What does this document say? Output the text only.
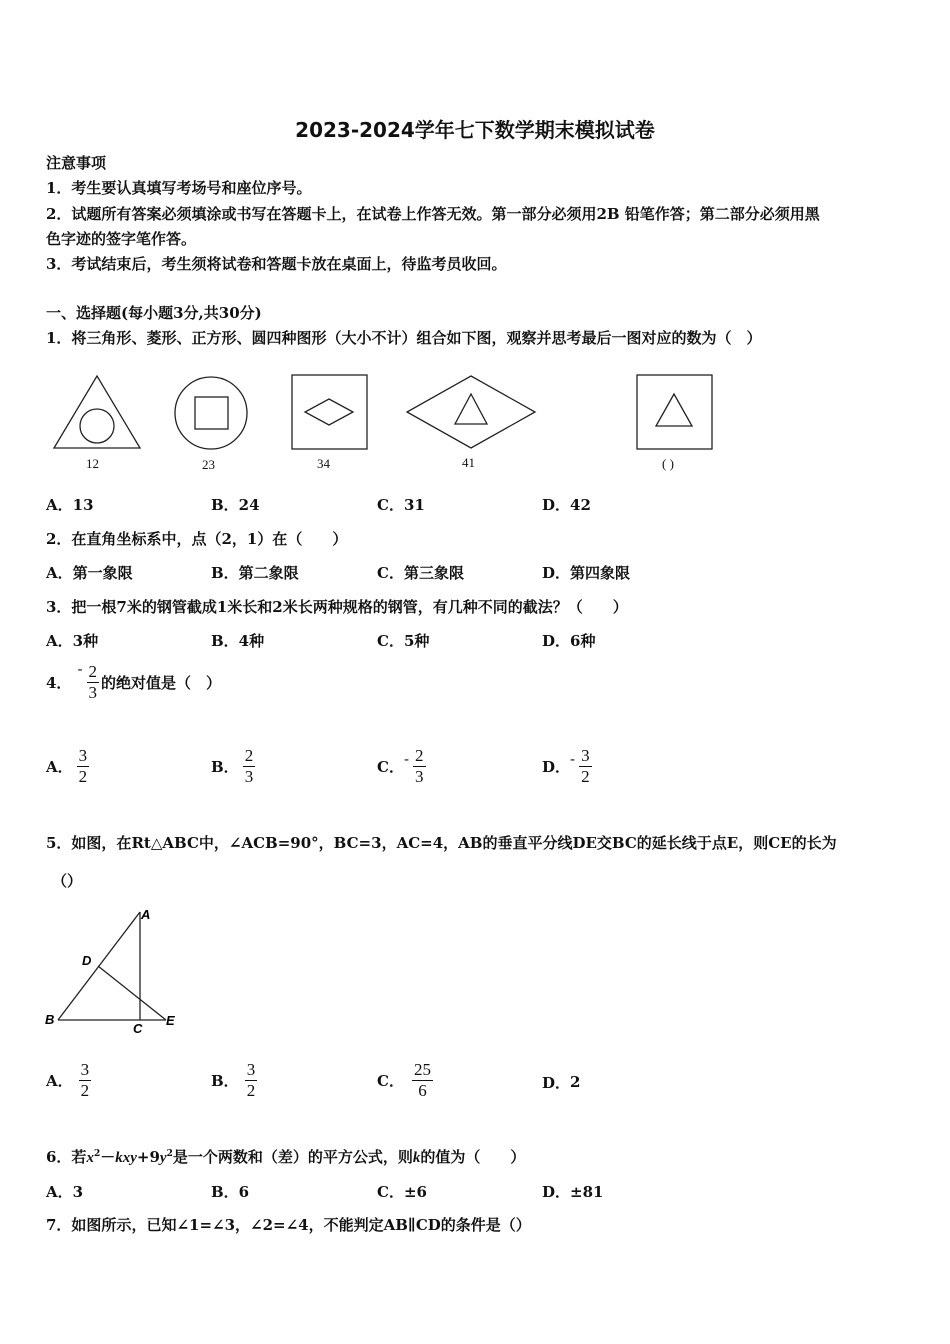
2023-2024学年七下数学期末模拟试卷
注意事项
1．考生要认真填写考场号和座位序号。
2．试题所有答案必须填涂或书写在答题卡上，在试卷上作答无效。第一部分必须用2B 铅笔作答；第二部分必须用黑
色字迹的签字笔作答。
3．考试结束后，考生须将试卷和答题卡放在桌面上，待监考员收回。
一、选择题(每小题3分,共30分)
1．将三角形、菱形、正方形、圆四种图形（大小不计）组合如下图，观察并思考最后一图对应的数为（　）
12	23	34	41	( )
A．13	B．24	C．31	D．42
2．在直角坐标系中，点（2，1）在（　　）
A．第一象限	B．第二象限	C．第三象限	D．第四象限
3．把一根7米的钢管截成1米长和2米长两种规格的钢管，有几种不同的截法？（　　）
A．3种	B．4种	C．5种	D．6种
4．
- $\frac{2}{3}$ 的绝对值是（　）
A． $\frac{3}{2}$	B． $\frac{2}{3}$	C． - $\frac{2}{3}$	D． - $\frac{3}{2}$
5．如图，在Rt△ABC中，∠ACB=90°，BC=3，AC=4，AB的垂直平分线DE交BC的延长线于点E，则CE的长为
（）
A
D
B
C
E
A． $\frac{3}{2}$	B． $\frac{3}{2}$	C． $\frac{25}{6}$	D． 2
6．若$x^2-kxy+9y^2$是一个两数和（差）的平方公式，则k的值为（　　）
A．3	B．6	C．±6	D．±81
7．如图所示，已知∠1=∠3，∠2=∠4，不能判定AB∥CD的条件是（）
